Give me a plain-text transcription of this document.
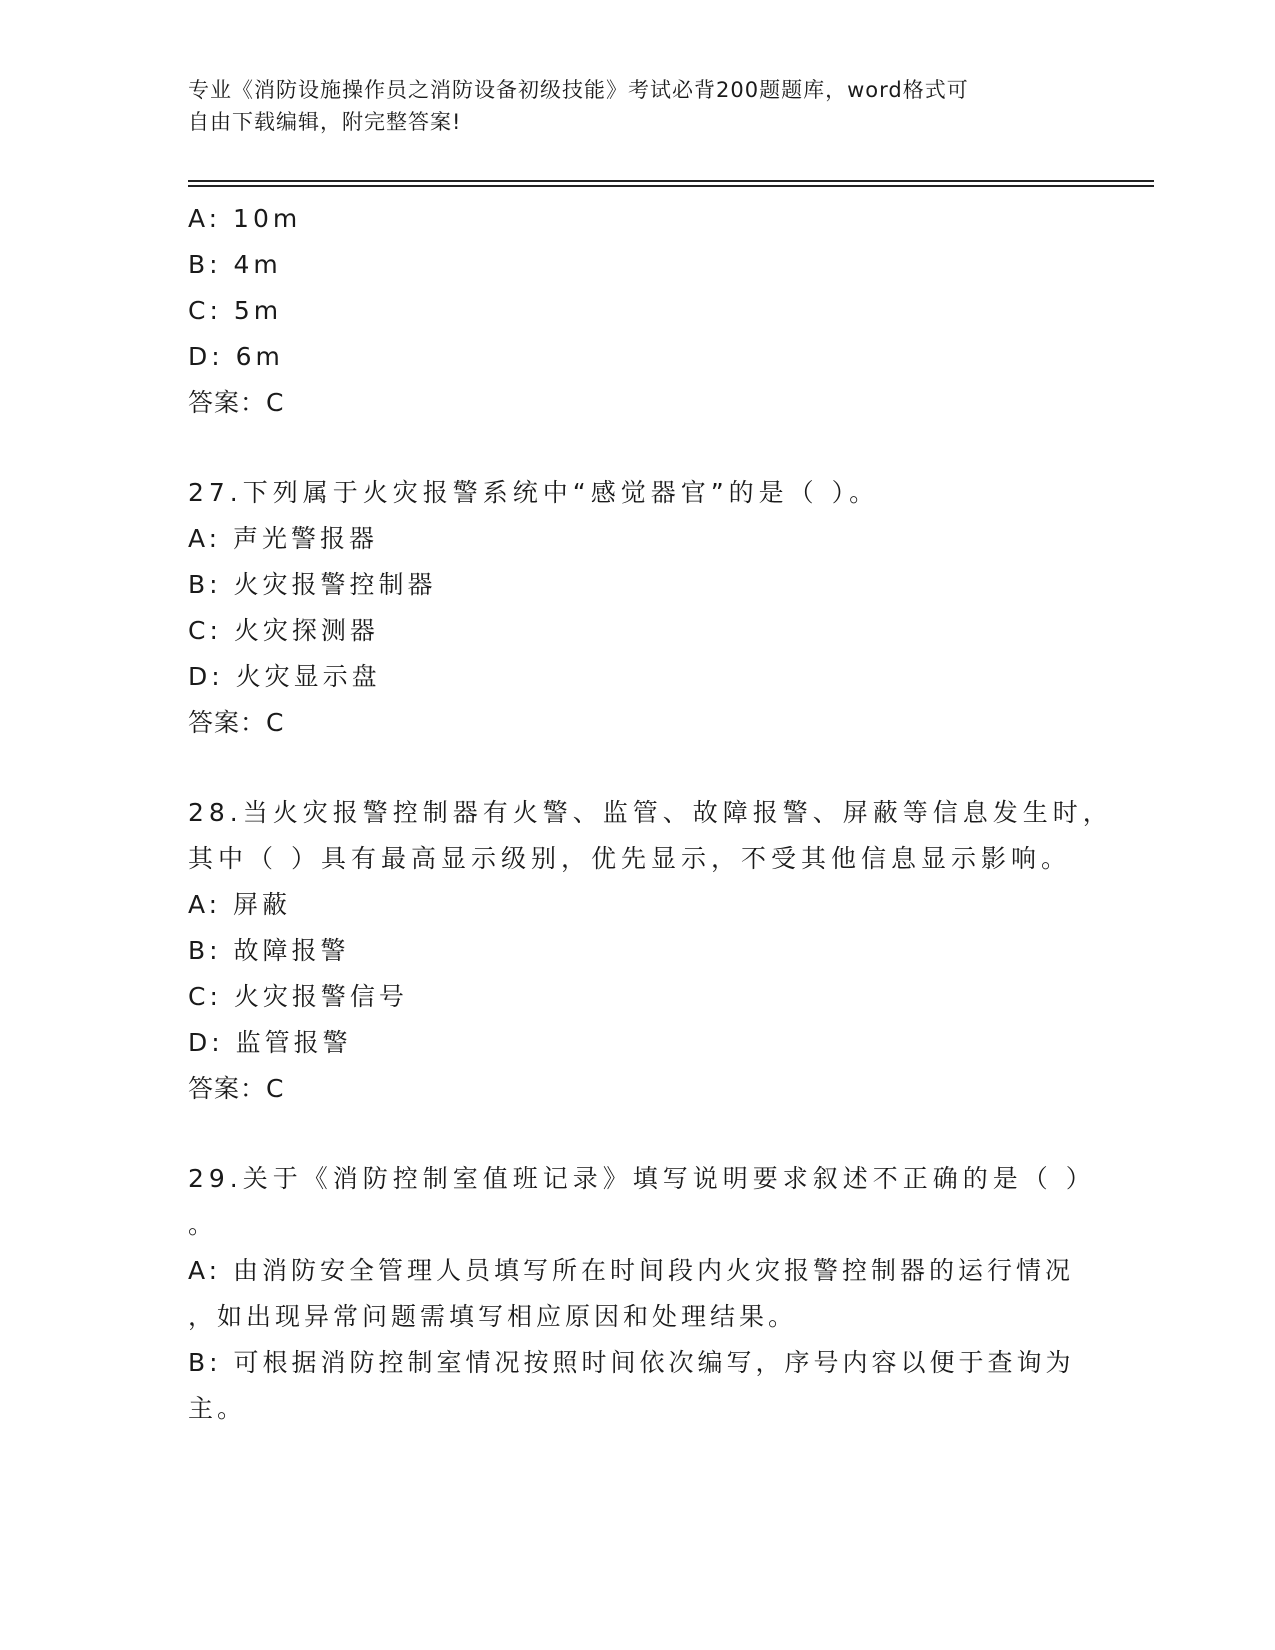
专业《消防设施操作员之消防设备初级技能》考试必背200题题库，word格式可
自由下载编辑，附完整答案!
A: 10m
B: 4m
C: 5m
D: 6m
答案：C
27.下列属于火灾报警系统中“感觉器官”的是（ ）。
A: 声光警报器
B: 火灾报警控制器
C: 火灾探测器
D: 火灾显示盘
答案：C
28.当火灾报警控制器有火警、监管、故障报警、屏蔽等信息发生时，
其中（ ）具有最高显示级别，优先显示，不受其他信息显示影响。
A: 屏蔽
B: 故障报警
C: 火灾报警信号
D: 监管报警
答案：C
29.关于《消防控制室值班记录》填写说明要求叙述不正确的是（ ）
。
A: 由消防安全管理人员填写所在时间段内火灾报警控制器的运行情况
，如出现异常问题需填写相应原因和处理结果。
B: 可根据消防控制室情况按照时间依次编写，序号内容以便于查询为
主。
